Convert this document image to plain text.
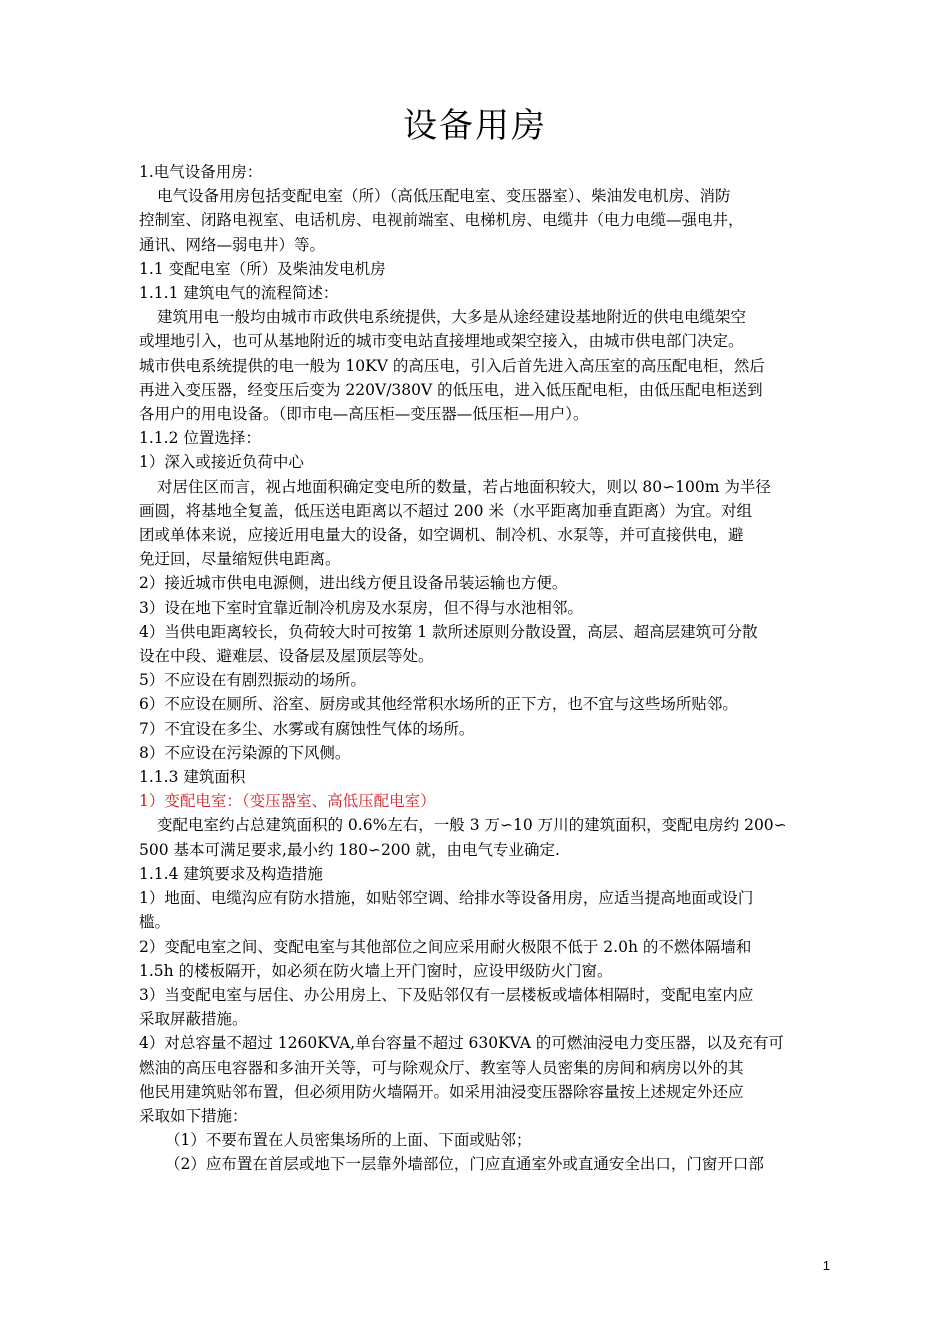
设备用房

1.电气设备用房：

电气设备用房包括变配电室（所）（高低压配电室、变压器室）、柴油发电机房、消防

控制室、闭路电视室、电话机房、电视前端室、电梯机房、电缆井（电力电缆—强电井，

通讯、网络—弱电井）等。

1.1 变配电室（所）及柴油发电机房

1.1.1 建筑电气的流程简述：

建筑用电一般均由城市市政供电系统提供，大多是从途经建设基地附近的供电电缆架空

或埋地引入，也可从基地附近的城市变电站直接埋地或架空接入，由城市供电部门决定。

城市供电系统提供的电一般为 10KV 的高压电，引入后首先进入高压室的高压配电柜，然后

再进入变压器，经变压后变为 220V/380V 的低压电，进入低压配电柜，由低压配电柜送到

各用户的用电设备。（即市电—高压柜—变压器—低压柜—用户）。

1.1.2 位置选择：

1）深入或接近负荷中心

对居住区而言，视占地面积确定变电所的数量，若占地面积较大，则以 80∽100m 为半径

画圆，将基地全复盖，低压送电距离以不超过 200 米（水平距离加垂直距离）为宜。对组

团或单体来说，应接近用电量大的设备，如空调机、制冷机、水泵等，并可直接供电，避

免迂回，尽量缩短供电距离。

2）接近城市供电电源侧，进出线方便且设备吊装运输也方便。

3）设在地下室时宜靠近制冷机房及水泵房，但不得与水池相邻。

4）当供电距离较长，负荷较大时可按第 1 款所述原则分散设置，高层、超高层建筑可分散

设在中段、避难层、设备层及屋顶层等处。

5）不应设在有剧烈振动的场所。

6）不应设在厕所、浴室、厨房或其他经常积水场所的正下方，也不宜与这些场所贴邻。

7）不宜设在多尘、水雾或有腐蚀性气体的场所。

8）不应设在污染源的下风侧。

1.1.3 建筑面积

1）变配电室：（变压器室、高低压配电室）

变配电室约占总建筑面积的 0.6%左右，一般 3 万∽10 万川的建筑面积，变配电房约 200∽

500 基本可满足要求,最小约 180∽200 就，由电气专业确定.

1.1.4 建筑要求及构造措施

1）地面、电缆沟应有防水措施，如贴邻空调、给排水等设备用房，应适当提高地面或设门

槛。

2）变配电室之间、变配电室与其他部位之间应采用耐火极限不低于 2.0h 的不燃体隔墙和

1.5h 的楼板隔开，如必须在防火墙上开门窗时，应设甲级防火门窗。

3）当变配电室与居住、办公用房上、下及贴邻仅有一层楼板或墙体相隔时，变配电室内应

采取屏蔽措施。

4）对总容量不超过 1260KVA,单台容量不超过 630KVA 的可燃油浸电力变压器，以及充有可

燃油的高压电容器和多油开关等，可与除观众厅、教室等人员密集的房间和病房以外的其

他民用建筑贴邻布置，但必须用防火墙隔开。如采用油浸变压器除容量按上述规定外还应

采取如下措施：

（1）不要布置在人员密集场所的上面、下面或贴邻；

（2）应布置在首层或地下一层靠外墙部位，门应直通室外或直通安全出口，门窗开口部

1
